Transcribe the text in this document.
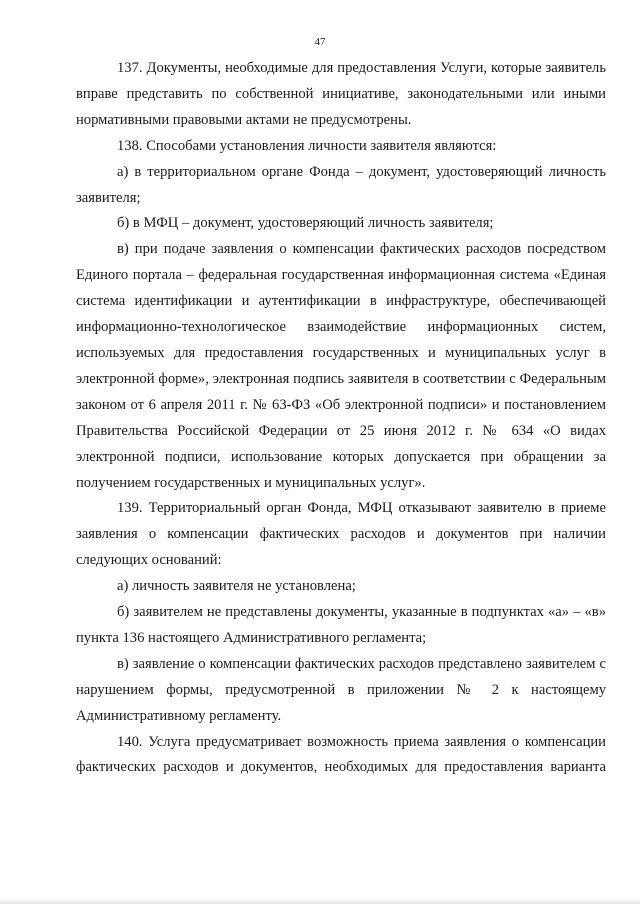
47

137. Документы, необходимые для предоставления Услуги, которые заявитель вправе представить по собственной инициативе, законодательными или иными нормативными правовыми актами не предусмотрены.

138. Способами установления личности заявителя являются:

а) в территориальном органе Фонда – документ, удостоверяющий личность заявителя;

б) в МФЦ – документ, удостоверяющий личность заявителя;

в) при подаче заявления о компенсации фактических расходов посредством Единого портала – федеральная государственная информационная система «Единая система идентификации и аутентификации в инфраструктуре, обеспечивающей информационно-технологическое взаимодействие информационных систем, используемых для предоставления государственных и муниципальных услуг в электронной форме», электронная подпись заявителя в соответствии с Федеральным законом от 6 апреля 2011 г. № 63-ФЗ «Об электронной подписи» и постановлением Правительства Российской Федерации от 25 июня 2012 г. № 634 «О видах электронной подписи, использование которых допускается при обращении за получением государственных и муниципальных услуг».

139. Территориальный орган Фонда, МФЦ отказывают заявителю в приеме заявления о компенсации фактических расходов и документов при наличии следующих оснований:

а) личность заявителя не установлена;

б) заявителем не представлены документы, указанные в подпунктах «а» – «в» пункта 136 настоящего Административного регламента;

в) заявление о компенсации фактических расходов представлено заявителем с нарушением формы, предусмотренной в приложении № 2 к настоящему Административному регламенту.

140. Услуга предусматривает возможность приема заявления о компенсации фактических расходов и документов, необходимых для предоставления варианта
